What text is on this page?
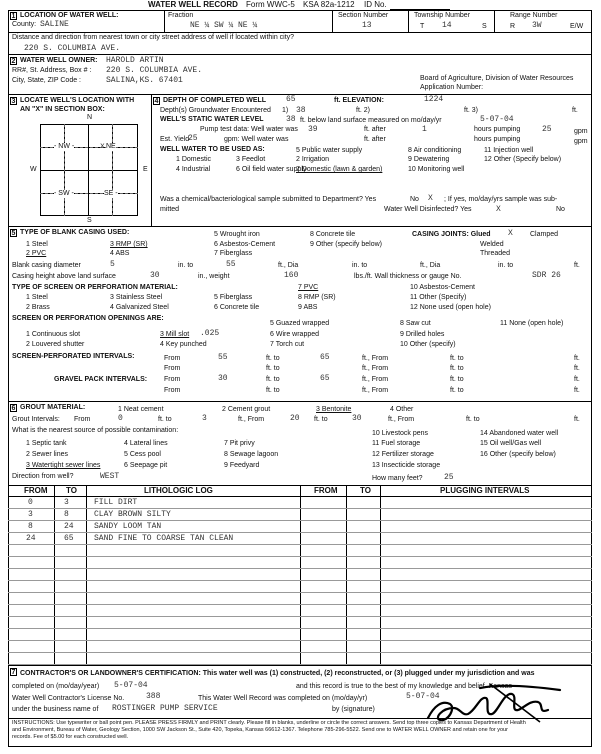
WATER WELL RECORD Form WWC-5 KSA 82a-1212 ID No.
1 LOCATION OF WATER WELL:
County: SALINE
Fraction
NE ¼ SW ¼ NE ¼
Section Number
13
Township Number
T 14	S
Range Number
R 3W	E/W
Distance and direction from nearest town or city street address of well if located within city?
220 S. COLUMBIA AVE.
2 WATER WELL OWNER: HAROLD ARTIN
RR#, St. Address, Box # : 220 S. COLUMBIA AVE.
City, State, ZIP Code :	SALINA,KS. 67401	Board of Agriculture, Division of Water Resources
Application Number:
3 LOCATE WELL'S LOCATION WITH
AN "X" IN SECTION BOX:
N
S
W	E
- NW -	NE
x
- SW -	SE -
4 DEPTH OF COMPLETED WELL 65	ft. ELEVATION:	1224
Depth(s) Groundwater Encountered 1) 38	ft. 2)	ft. 3)	ft.
WELL'S STATIC WATER LEVEL	38 ft. below land surface measured on mo/day/yr	5-07-04
Pump test data: Well water was 39	ft. after	1	hours pumping	25	gpm
Est. Yield
25	gpm: Well water was	ft. after	hours pumping	gpm
WELL WATER TO BE USED AS:	5 Public water supply	8 Air conditioning	11 Injection well
1 Domestic	3 Feedlot	2 Irrigation	9 Dewatering	12 Other (Specify below)
4 Industrial	6 Oil field water supply
7 Domestic (lawn & garden)	10 Monitoring well
Was a chemical/bacteriological sample submitted to Department? Yes	No X ; If yes, mo/day/yrs sample was sub-
mitted	Water Well Disinfected? Yes	X	No
5 TYPE OF BLANK CASING USED:	5 Wrought iron	8 Concrete tile	CASING JOINTS: Glued X Clamped
1 Steel	3 RMP (SR)	6 Asbestos-Cement	9 Other (specify below)	Welded
2 PVC	4 ABS	7 Fiberglass	Threaded
Blank casing diameter	5	in. to	55	ft., Dia	in. to	ft., Dia	in. to	ft.
Casing height above land surface	30	in., weight	160	lbs./ft. Wall thickness or gauge No.	SDR 26
TYPE OF SCREEN OR PERFORATION MATERIAL:	7 PVC	10 Asbestos-Cement
1 Steel	3 Stainless Steel	5 Fiberglass	8 RMP (SR)	11 Other (Specify)
2 Brass	4 Galvanized Steel	6 Concrete tile	9 ABS	12 None used (open hole)
SCREEN OR PERFORATION OPENINGS ARE:
5 Guazed wrapped	8 Saw cut	11 None (open hole)
1 Continuous slot	3 Mill slot .025	6 Wire wrapped	9 Drilled holes
2 Louvered shutter	4 Key punched	7 Torch cut	10 Other (specify)
SCREEN-PERFORATED INTERVALS:	From	55	ft. to	65	ft., From	ft. to	ft.
From	ft. to	ft., From	ft. to	ft.
GRAVEL PACK INTERVALS: From	30	ft. to	65	ft., From	ft. to	ft.
From	ft. to	ft., From	ft. to	ft.
6 GROUT MATERIAL:	1 Neat cement	2 Cement grout	3 Bentonite	4 Other
Grout Intervals: From	0	ft. to	3	ft., From	20 ft. to	30	ft., From	ft. to	ft.
What is the nearest source of possible contamination:	10 Livestock pens	14 Abandoned water well
1 Septic tank	4 Lateral lines	7 Pit privy	11 Fuel storage	15 Oil well/Gas well
2 Sewer lines	5 Cess pool	8 Sewage lagoon	12 Fertilizer storage	16 Other (specify below)
3 Watertight sewer lines	6 Seepage pit	9 Feedyard	13 Insecticide storage
Direction from well?	WEST	How many feet?	25
FROM TO	LITHOLOGIC LOG	FROM	TO	PLUGGING INTERVALS
0	3	FILL DIRT
3	8	CLAY BROWN SILTY
8	24	SANDY LOOM TAN
24	65	SAND FINE TO COARSE TAN CLEAN
7 CONTRACTOR'S OR LANDOWNER'S CERTIFICATION: This water well was (1) constructed, (2) reconstructed, or (3) plugged under my jurisdiction and was
completed on (mo/day/year) 5-07-04	and this record is true to the best of my knowledge and belief. Kansas
Water Well Contractor's License No.	388	This Water Well Record was completed on (mo/day/yr)	5-07-04
under the business name of ROSTINGER PUMP SERVICE	by (signature)
INSTRUCTIONS: Use typewriter or ball point pen. PLEASE PRESS FIRMLY and PRINT clearly. Please fill in blanks, underline or circle the correct answers. Send top three copies to Kansas Department of Health
and Environment, Bureau of Water, Geology Section, 1000 SW Jackson St., Suite 420, Topeka, Kansas 66612-1367. Telephone 785-296-5522. Send one to WATER WELL OWNER and retain one for your
records. Fee of $5.00 for each constructed well.
